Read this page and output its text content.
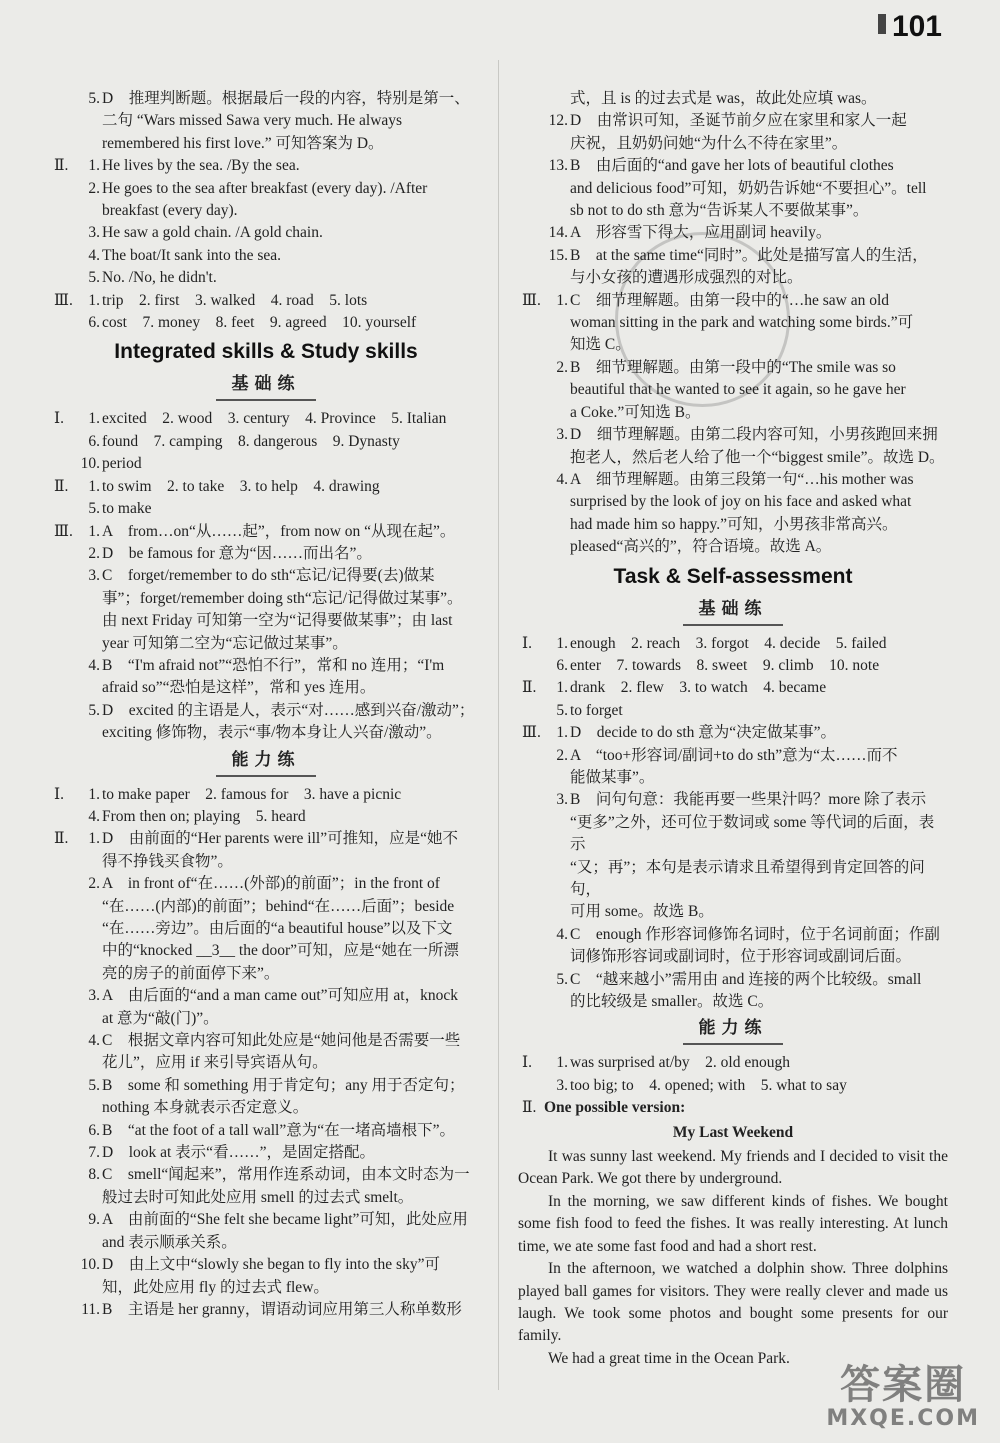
101
5. D　推理判断题。根据最后一段的内容，特别是第一、
二句 “Wars missed Sawa very much. He always
remembered his first love.” 可知答案为 D。
Ⅱ.	1. He lives by the sea. /By the sea.
2. He goes to the sea after breakfast (every day). /After
breakfast (every day).
3. He saw a gold chain. /A gold chain.
4. The boat/It sank into the sea.
5. No. /No, he didn't.
Ⅲ.	1. trip　2. first　3. walked　4. road　5. lots
6. cost　7. money　8. feet　9. agreed　10. yourself
Integrated skills & Study skills
基础练
Ⅰ.	1. excited　2. wood　3. century　4. Province　5. Italian
6. found　7. camping　8. dangerous　9. Dynasty
10. period
Ⅱ.	1. to swim　2. to take　3. to help　4. drawing
5. to make
Ⅲ.	1. A　from…on“从……起”，from now on “从现在起”。
2. D　be famous for 意为“因……而出名”。
3. C　forget/remember to do sth“忘记/记得要(去)做某
事”；forget/remember doing sth“忘记/记得做过某事”。
由 next Friday 可知第一空为“记得要做某事”；由 last
year 可知第二空为“忘记做过某事”。
4. B　“I'm afraid not”“恐怕不行”，常和 no 连用；“I'm
afraid so”“恐怕是这样”，常和 yes 连用。
5. D　excited 的主语是人，表示“对……感到兴奋/激动”；
exciting 修饰物，表示“事/物本身让人兴奋/激动”。
能力练
Ⅰ.	1. to make paper　2. famous for　3. have a picnic
4. From then on; playing　5. heard
Ⅱ.	1. D　由前面的“Her parents were ill”可推知，应是“她不
得不挣钱买食物”。
2. A　in front of“在……(外部)的前面”；in the front of
“在……(内部)的前面”；behind“在……后面”；beside
“在……旁边”。由后面的“a beautiful house”以及下文
中的“knocked __3__ the door”可知，应是“她在一所漂
亮的房子的前面停下来”。
3. A　由后面的“and a man came out”可知应用 at，knock
at 意为“敲(门)”。
4. C　根据文章内容可知此处应是“她问他是否需要一些
花儿”，应用 if 来引导宾语从句。
5. B　some 和 something 用于肯定句；any 用于否定句；
nothing 本身就表示否定意义。
6. B　“at the foot of a tall wall”意为“在一堵高墙根下”。
7. D　look at 表示“看……”，是固定搭配。
8. C　smell“闻起来”，常用作连系动词，由本文时态为一
般过去时可知此处应用 smell 的过去式 smelt。
9. A　由前面的“She felt she became light”可知，此处应用
and 表示顺承关系。
10. D　由上文中“slowly she began to fly into the sky”可
知，此处应用 fly 的过去式 flew。
11. B　主语是 her granny，谓语动词应用第三人称单数形
式，且 is 的过去式是 was，故此处应填 was。
12. D　由常识可知，圣诞节前夕应在家里和家人一起
庆祝，且奶奶问她“为什么不待在家里”。
13. B　由后面的“and gave her lots of beautiful clothes
and delicious food”可知，奶奶告诉她“不要担心”。tell
sb not to do sth 意为“告诉某人不要做某事”。
14. A　形容雪下得大，应用副词 heavily。
15. B　at the same time“同时”。此处是描写富人的生活，
与小女孩的遭遇形成强烈的对比。
Ⅲ.	1. C　细节理解题。由第一段中的“…he saw an old
woman sitting in the park and watching some birds.”可
知选 C。
2. B　细节理解题。由第一段中的“The smile was so
beautiful that he wanted to see it again, so he gave her
a Coke.”可知选 B。
3. D　细节理解题。由第二段内容可知，小男孩跑回来拥
抱老人，然后老人给了他一个“biggest smile”。故选 D。
4. A　细节理解题。由第三段第一句“…his mother was
surprised by the look of joy on his face and asked what
had made him so happy.”可知，小男孩非常高兴。
pleased“高兴的”，符合语境。故选 A。
Task & Self-assessment
基础练
Ⅰ.	1. enough　2. reach　3. forgot　4. decide　5. failed
6. enter　7. towards　8. sweet　9. climb　10. note
Ⅱ.	1. drank　2. flew　3. to watch　4. became
5. to forget
Ⅲ.	1. D　decide to do sth 意为“决定做某事”。
2. A　“too+形容词/副词+to do sth”意为“太……而不
能做某事”。
3. B　问句句意：我能再要一些果汁吗？more 除了表示
“更多”之外，还可位于数词或 some 等代词的后面，表示
“又；再”；本句是表示请求且希望得到肯定回答的问句，
可用 some。故选 B。
4. C　enough 作形容词修饰名词时，位于名词前面；作副
词修饰形容词或副词时，位于形容词或副词后面。
5. C　“越来越小”需用由 and 连接的两个比较级。small
的比较级是 smaller。故选 C。
能力练
Ⅰ.	1. was surprised at/by　2. old enough
3. too big; to　4. opened; with　5. what to say
Ⅱ. One possible version:
My Last Weekend

It was sunny last weekend. My friends and I decided to visit the Ocean Park. We got there by underground.

In the morning, we saw different kinds of fishes. We bought some fish food to feed the fishes. It was really interesting. At lunch time, we ate some fast food and had a short rest.

In the afternoon, we watched a dolphin show. Three dolphins played ball games for visitors. They were really clever and made us laugh. We took some photos and bought some presents for our family.

We had a great time in the Ocean Park.

答案圈
MXQE.COM
